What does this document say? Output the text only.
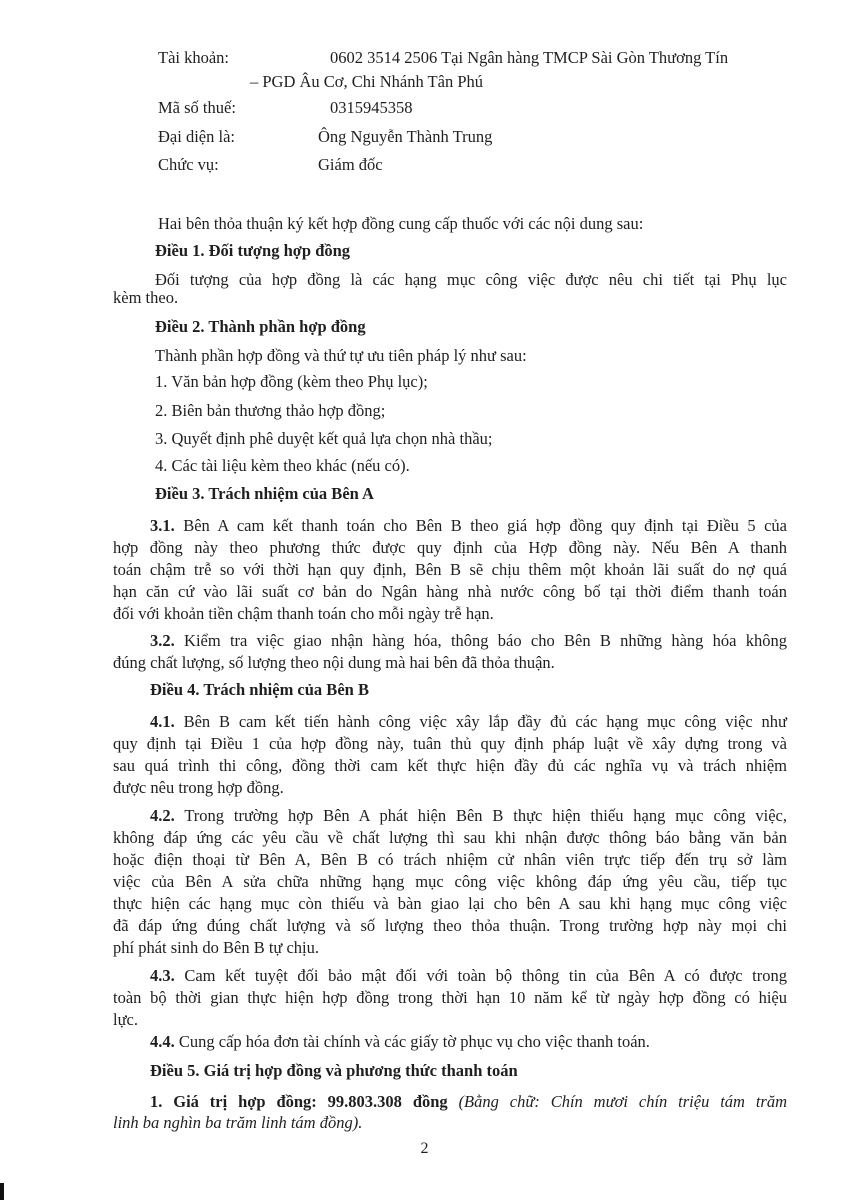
Tài khoản:	0602 3514 2506 Tại Ngân hàng TMCP Sài Gòn Thương Tín
– PGD Âu Cơ, Chi Nhánh Tân Phú
Mã số thuế:	0315945358
Đại diện là:	Ông Nguyễn Thành Trung
Chức vụ:	Giám đốc
Hai bên thỏa thuận ký kết hợp đồng cung cấp thuốc với các nội dung sau:
Điều 1. Đối tượng hợp đồng
Đối tượng của hợp đồng là các hạng mục công việc được nêu chi tiết tại Phụ lục
kèm theo.
Điều 2. Thành phần hợp đồng
Thành phần hợp đồng và thứ tự ưu tiên pháp lý như sau:
1. Văn bản hợp đồng (kèm theo Phụ lục);
2. Biên bản thương thảo hợp đồng;
3. Quyết định phê duyệt kết quả lựa chọn nhà thầu;
4. Các tài liệu kèm theo khác (nếu có).
Điều 3. Trách nhiệm của Bên A
3.1. Bên A cam kết thanh toán cho Bên B theo giá hợp đồng quy định tại Điều 5 của
hợp đồng này theo phương thức được quy định của Hợp đồng này. Nếu Bên A thanh
toán chậm trễ so với thời hạn quy định, Bên B sẽ chịu thêm một khoản lãi suất do nợ quá
hạn căn cứ vào lãi suất cơ bản do Ngân hàng nhà nước công bố tại thời điểm thanh toán
đối với khoản tiền chậm thanh toán cho mỗi ngày trễ hạn.
3.2. Kiểm tra việc giao nhận hàng hóa, thông báo cho Bên B những hàng hóa không
đúng chất lượng, số lượng theo nội dung mà hai bên đã thỏa thuận.
Điều 4. Trách nhiệm của Bên B
4.1. Bên B cam kết tiến hành công việc xây lắp đầy đủ các hạng mục công việc như
quy định tại Điều 1 của hợp đồng này, tuân thủ quy định pháp luật về xây dựng trong và
sau quá trình thi công, đồng thời cam kết thực hiện đầy đủ các nghĩa vụ và trách nhiệm
được nêu trong hợp đồng.
4.2. Trong trường hợp Bên A phát hiện Bên B thực hiện thiếu hạng mục công việc,
không đáp ứng các yêu cầu về chất lượng thì sau khi nhận được thông báo bằng văn bản
hoặc điện thoại từ Bên A, Bên B có trách nhiệm cử nhân viên trực tiếp đến trụ sở làm
việc của Bên A sửa chữa những hạng mục công việc không đáp ứng yêu cầu, tiếp tục
thực hiện các hạng mục còn thiếu và bàn giao lại cho bên A sau khi hạng mục công việc
đã đáp ứng đúng chất lượng và số lượng theo thỏa thuận. Trong trường hợp này mọi chi
phí phát sinh do Bên B tự chịu.
4.3. Cam kết tuyệt đối bảo mật đối với toàn bộ thông tin của Bên A có được trong
toàn bộ thời gian thực hiện hợp đồng trong thời hạn 10 năm kể từ ngày hợp đồng có hiệu
lực.
4.4. Cung cấp hóa đơn tài chính và các giấy tờ phục vụ cho việc thanh toán.
Điều 5. Giá trị hợp đồng và phương thức thanh toán
1. Giá trị hợp đồng: 99.803.308 đồng (Bằng chữ: Chín mươi chín triệu tám trăm
linh ba nghìn ba trăm linh tám đồng).
2
